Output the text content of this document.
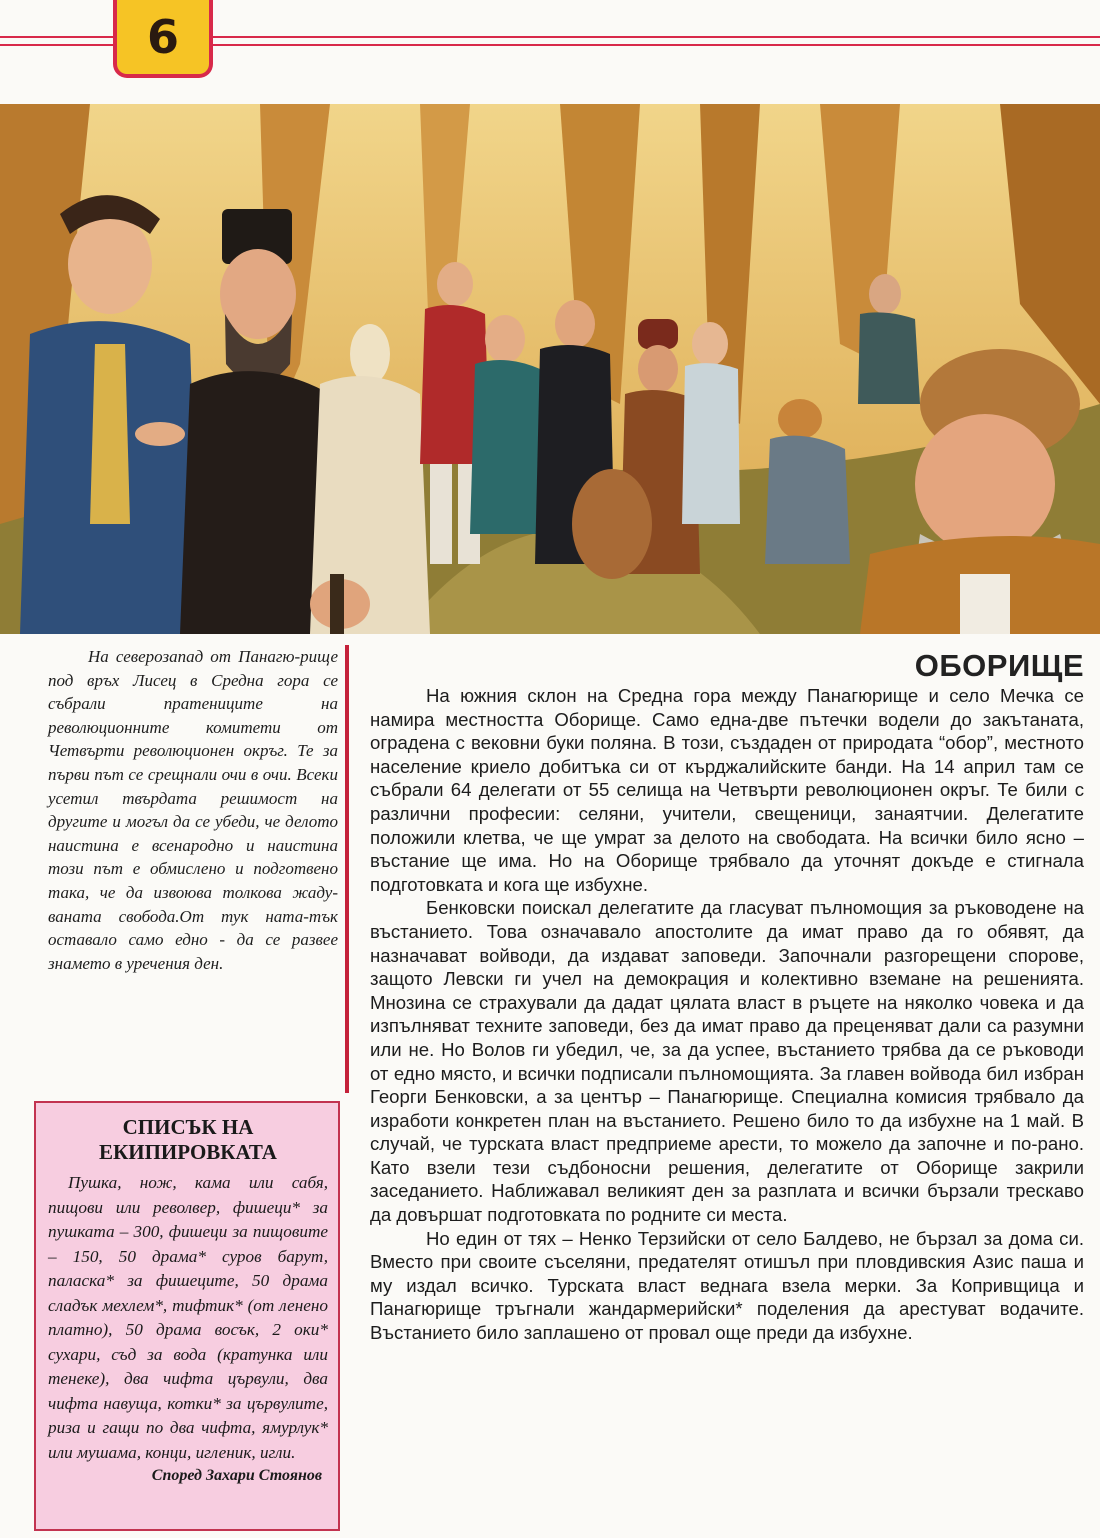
6

На северозапад от Панагю-рище под връх Лисец в Средна гора се събрали пратениците на революционните комитети от Четвърти революционен окръг. Те за първи път се срещнали очи в очи. Всеки усетил твърдата решимост на другите и могъл да се убеди, че делото наистина е всенародно и наистина този път е обмислено и подготвено така, че да извоюва толкова жаду-ваната свобода.От тук ната-тък оставало само едно - да се развее знамето в уречения ден.

СПИСЪК НА ЕКИПИРОВКАТА

Пушка, нож, кама или сабя, пищови или револвер, фишеци* за пушката – 300, фишеци за пищовите – 150, 50 драма* суров барут, паласка* за фишеците, 50 драма сладък мехлем*, тифтик* (от ленено платно), 50 драма восък, 2 оки* сухари, съд за вода (кратунка или тенеке), два чифта цървули, два чифта навуща, котки* за цървулите, риза и гащи по два чифта, ямурлук* или мушама, конци, игленик, игли.

Според Захари Стоянов
ОБОРИЩЕ

На южния склон на Средна гора между Панагюрище и село Мечка се намира местността Оборище. Само една-две пътечки водели до закътаната, оградена с вековни буки поляна. В този, създаден от природата “обор”, местното население криело добитъка си от кърджалийските банди. На 14 април там се събрали 64 делегати от 55 селища на Четвърти революционен окръг. Те били с различни професии: селяни, учители, свещеници, занаятчии. Делегатите положили клетва, че ще умрат за делото на свободата. На всички било ясно – въстание ще има. Но на Оборище трябвало да уточнят докъде е стигнала подготовката и кога ще избухне.

Бенковски поискал делегатите да гласуват пълномощия за ръководене на въстанието. Това означавало апостолите да имат право да го обявят, да назначават войводи, да издават заповеди. Започнали разгорещени спорове, защото Левски ги учел на демокрация и колективно вземане на решенията. Мнозина се страхували да дадат цялата власт в ръцете на няколко човека и да изпълняват техните заповеди, без да имат право да преценяват дали са разумни или не. Но Волов ги убедил, че, за да успее, въстанието трябва да се ръководи от едно място, и всички подписали пълномощията. За главен войвода бил избран Георги Бенковски, а за център – Панагюрище. Специална комисия трябвало да изработи конкретен план на въстанието. Решено било то да избухне на 1 май. В случай, че турската власт предприеме арести, то можело да започне и по-рано. Като взели тези съдбоносни решения, делегатите от Оборище закрили заседанието. Наближавал великият ден за разплата и всички бързали трескаво да довършат подготовката по родните си места.

Но един от тях – Ненко Терзийски от село Балдево, не бързал за дома си. Вместо при своите съселяни, предателят отишъл при пловдивския Азис паша и му издал всичко. Турската власт веднага взела мерки. За Копривщица и Панагюрище тръгнали жандармерийски* поделения да арестуват водачите. Въстанието било заплашено от провал още преди да избухне.
